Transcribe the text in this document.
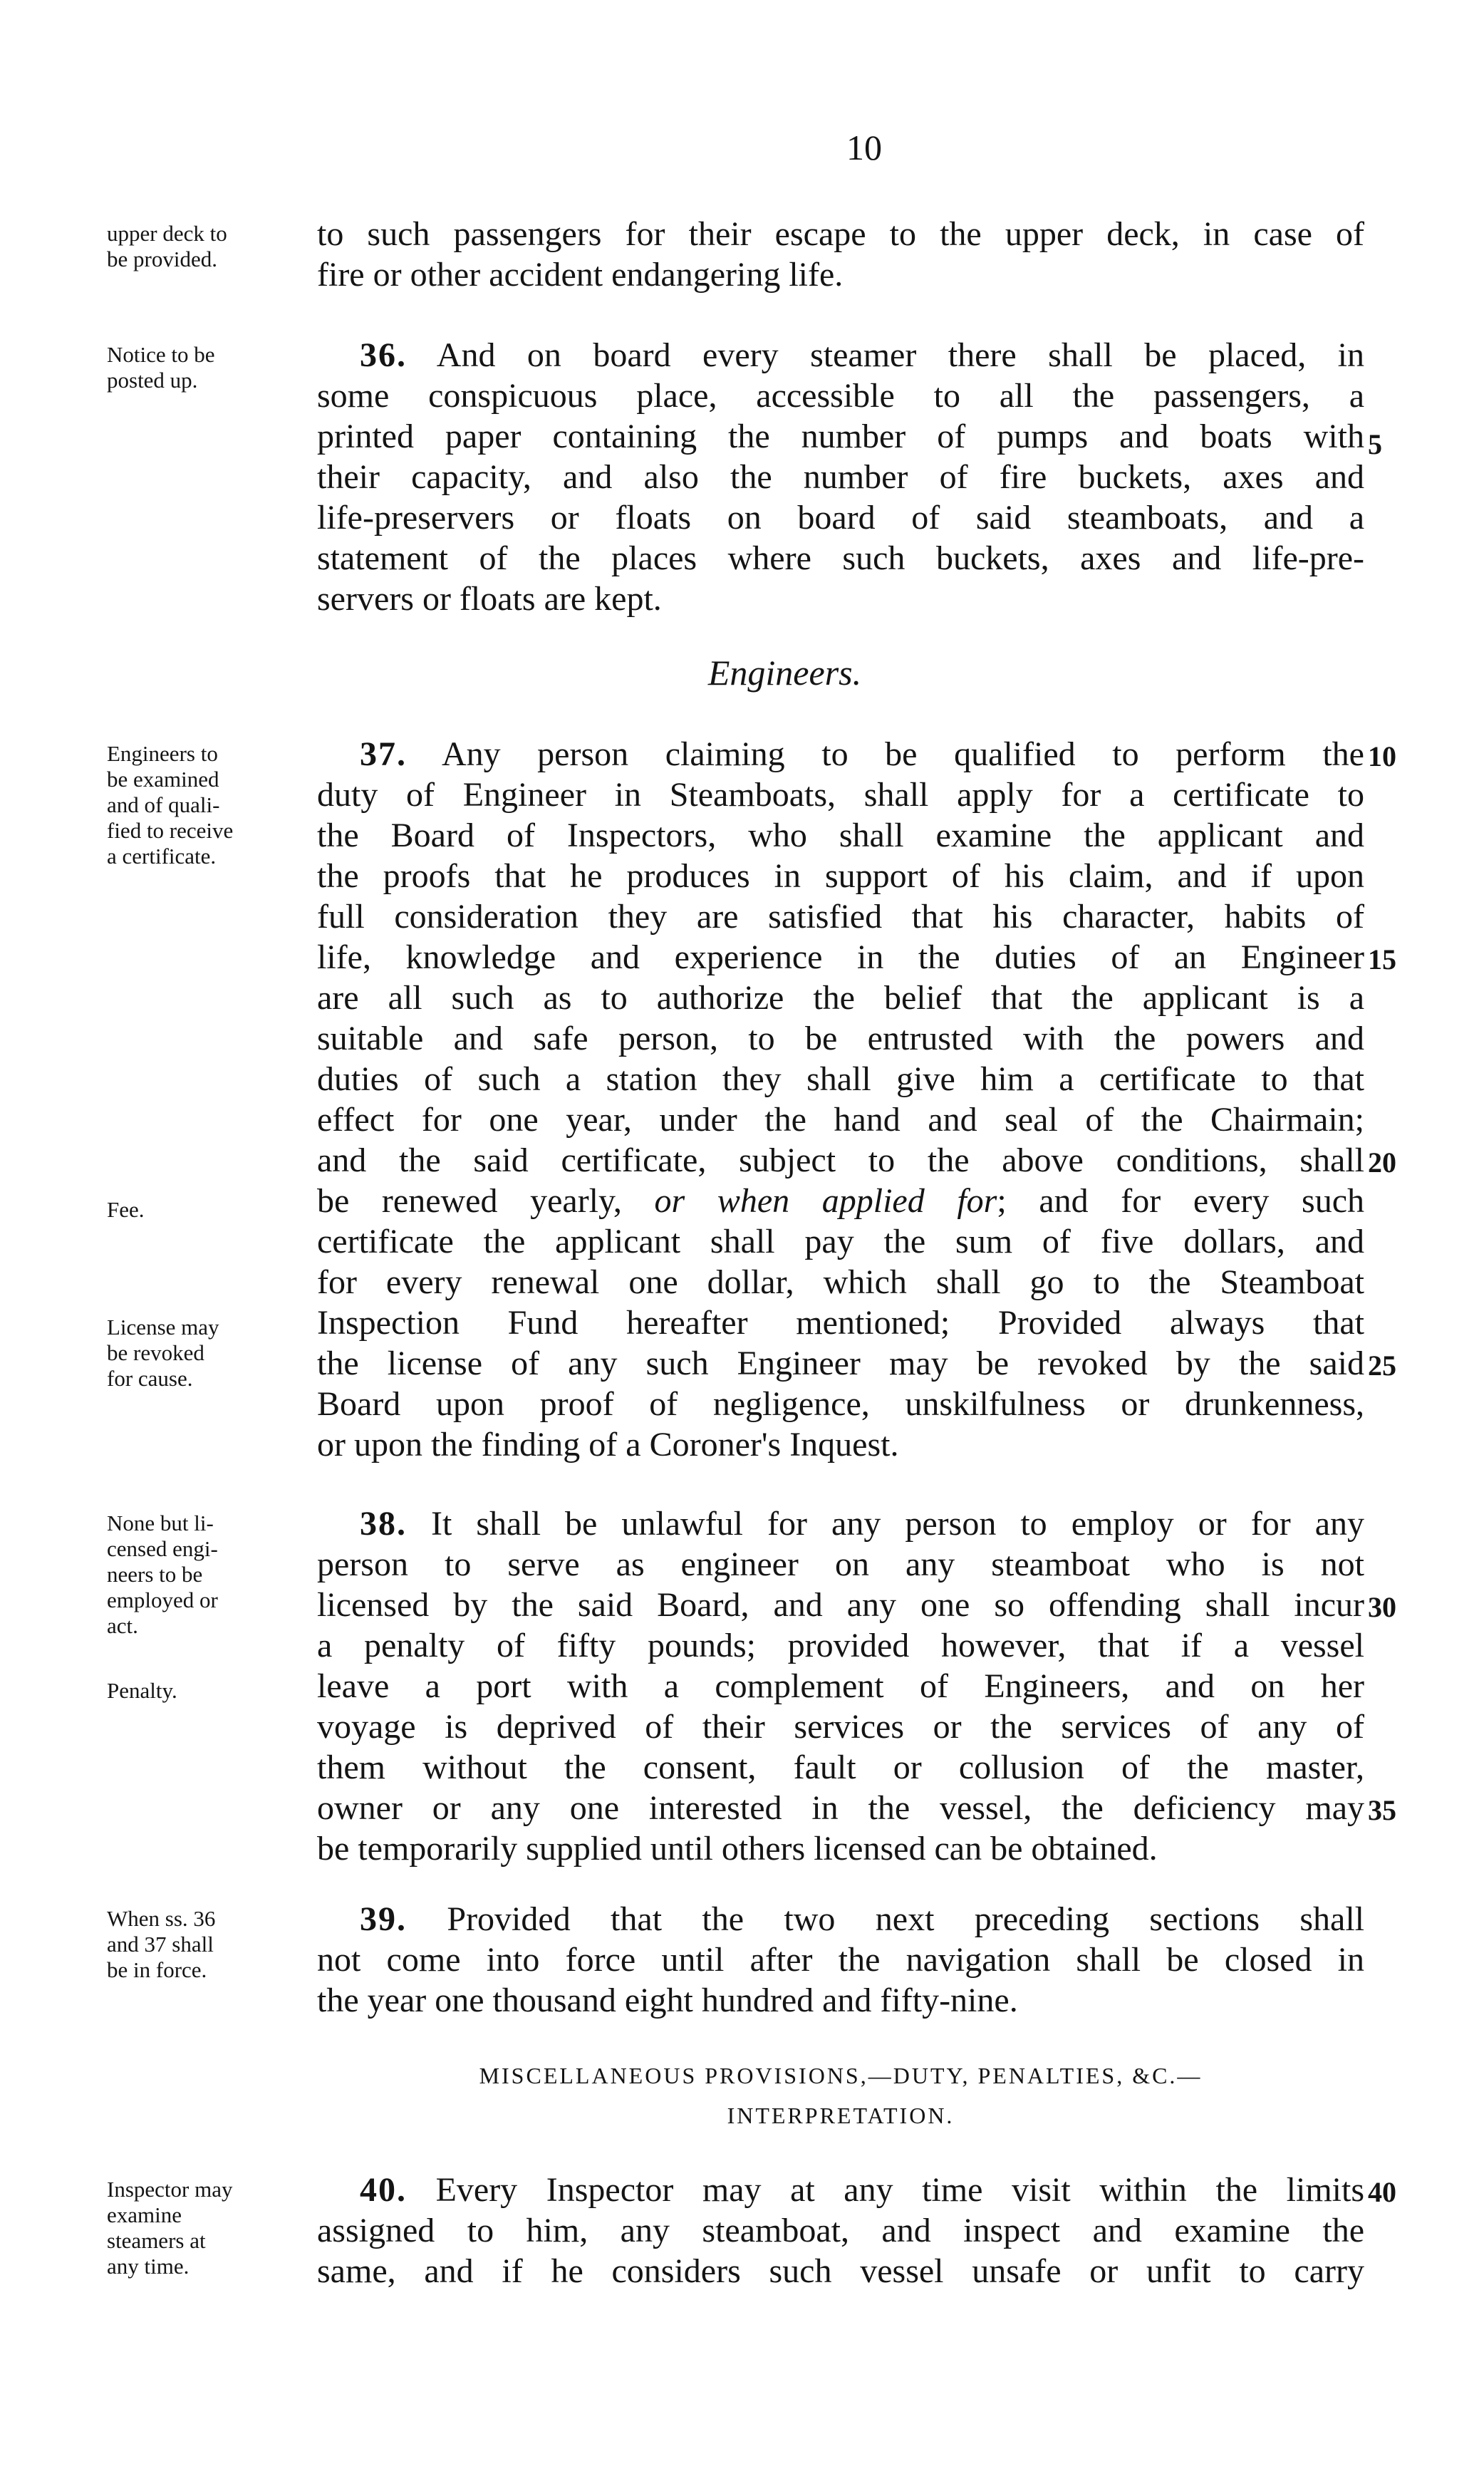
10
upper deck to
be provided.
to such passengers for their escape to the upper deck, in case of
fire or other accident endangering life.
Notice to be
posted up.
36. And on board every steamer there shall be placed, in
some conspicuous place, accessible to all the passengers, a
printed paper containing the number of pumps and boats with
their capacity, and also the number of fire buckets, axes and
life-preservers or floats on board of said steamboats, and a
statement of the places where such buckets, axes and life-pre-
servers or floats are kept.
5
Engineers.
Engineers to
be examined
and of quali-
fied to receive
a certificate.
Fee.
License may
be revoked
for cause.
37. Any person claiming to be qualified to perform the
duty of Engineer in Steamboats, shall apply for a certificate to
the Board of Inspectors, who shall examine the applicant and
the proofs that he produces in support of his claim, and if upon
full consideration they are satisfied that his character, habits of
life, knowledge and experience in the duties of an Engineer
are all such as to authorize the belief that the applicant is a
suitable and safe person, to be entrusted with the powers and
duties of such a station they shall give him a certificate to that
effect for one year, under the hand and seal of the Chairmain;
and the said certificate, subject to the above conditions, shall
be renewed yearly, or when applied for; and for every such
certificate the applicant shall pay the sum of five dollars, and
for every renewal one dollar, which shall go to the Steamboat
Inspection Fund hereafter mentioned; Provided always that
the license of any such Engineer may be revoked by the said
Board upon proof of negligence, unskilfulness or drunkenness,
or upon the finding of a Coroner's Inquest.
10
15
20
25
None but li-
censed engi-
neers to be
employed or
act.
Penalty.
38. It shall be unlawful for any person to employ or for any
person to serve as engineer on any steamboat who is not
licensed by the said Board, and any one so offending shall incur
a penalty of fifty pounds; provided however, that if a vessel
leave a port with a complement of Engineers, and on her
voyage is deprived of their services or the services of any of
them without the consent, fault or collusion of the master,
owner or any one interested in the vessel, the deficiency may
be temporarily supplied until others licensed can be obtained.
30
35
When ss. 36
and 37 shall
be in force.
39. Provided that the two next preceding sections shall
not come into force until after the navigation shall be closed in
the year one thousand eight hundred and fifty-nine.
MISCELLANEOUS PROVISIONS,—DUTY, PENALTIES, &C.—
INTERPRETATION.
Inspector may
examine
steamers at
any time.
40. Every Inspector may at any time visit within the limits
assigned to him, any steamboat, and inspect and examine the
same, and if he considers such vessel unsafe or unfit to carry
40
